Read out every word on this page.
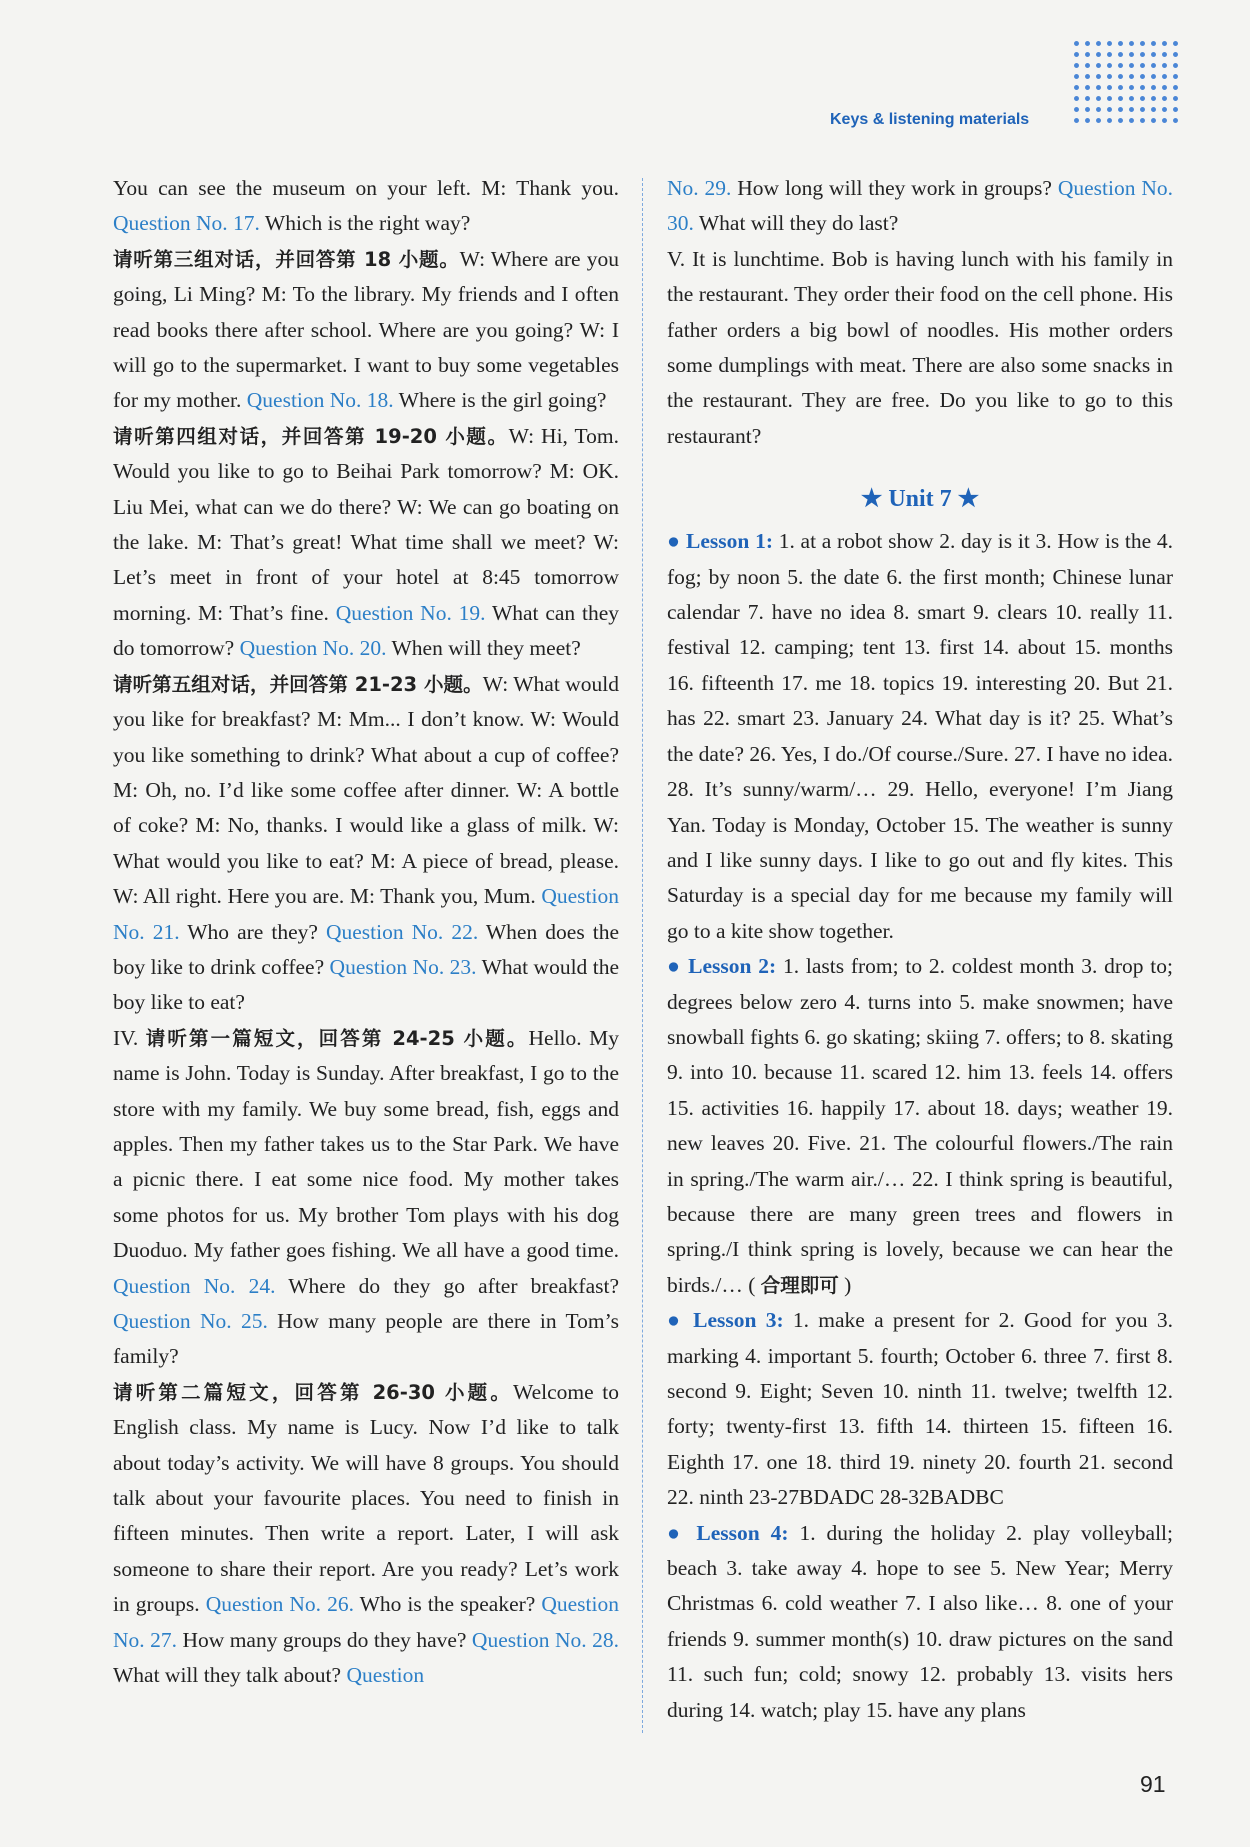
Keys & listening materials

You can see the museum on your left. M: Thank you. Question No. 17. Which is the right way?

请听第三组对话，并回答第 18 小题。W: Where are you going, Li Ming? M: To the library. My friends and I often read books there after school. Where are you going? W: I will go to the supermarket. I want to buy some vegetables for my mother. Question No. 18. Where is the girl going?

请听第四组对话，并回答第 19-20 小题。W: Hi, Tom. Would you like to go to Beihai Park tomorrow? M: OK. Liu Mei, what can we do there? W: We can go boating on the lake. M: That’s great! What time shall we meet? W: Let’s meet in front of your hotel at 8:45 tomorrow morning. M: That’s fine. Question No. 19. What can they do tomorrow? Question No. 20. When will they meet?

请听第五组对话，并回答第 21-23 小题。W: What would you like for breakfast? M: Mm... I don’t know. W: Would you like something to drink? What about a cup of coffee? M: Oh, no. I’d like some coffee after dinner. W: A bottle of coke? M: No, thanks. I would like a glass of milk. W: What would you like to eat? M: A piece of bread, please. W: All right. Here you are. M: Thank you, Mum. Question No. 21. Who are they? Question No. 22. When does the boy like to drink coffee? Question No. 23. What would the boy like to eat?

IV. 请听第一篇短文，回答第 24-25 小题。Hello. My name is John. Today is Sunday. After breakfast, I go to the store with my family. We buy some bread, fish, eggs and apples. Then my father takes us to the Star Park. We have a picnic there. I eat some nice food. My mother takes some photos for us. My brother Tom plays with his dog Duoduo. My father goes fishing. We all have a good time. Question No. 24. Where do they go after breakfast? Question No. 25. How many people are there in Tom’s family?

请听第二篇短文，回答第 26-30 小题。Welcome to English class. My name is Lucy. Now I’d like to talk about today’s activity. We will have 8 groups. You should talk about your favourite places. You need to finish in fifteen minutes. Then write a report. Later, I will ask someone to share their report. Are you ready? Let’s work in groups. Question No. 26. Who is the speaker? Question No. 27. How many groups do they have? Question No. 28. What will they talk about? Question

No. 29. How long will they work in groups? Question No. 30. What will they do last?

V. It is lunchtime. Bob is having lunch with his family in the restaurant. They order their food on the cell phone. His father orders a big bowl of noodles. His mother orders some dumplings with meat. There are also some snacks in the restaurant. They are free. Do you like to go to this restaurant?

★ Unit 7 ★

● Lesson 1: 1. at a robot show 2. day is it 3. How is the 4. fog; by noon 5. the date 6. the first month; Chinese lunar calendar 7. have no idea 8. smart 9. clears 10. really 11. festival 12. camping; tent 13. first 14. about 15. months 16. fifteenth 17. me 18. topics 19. interesting 20. But 21. has 22. smart 23. January 24. What day is it? 25. What’s the date? 26. Yes, I do./Of course./Sure. 27. I have no idea. 28. It’s sunny/warm/… 29. Hello, everyone! I’m Jiang Yan. Today is Monday, October 15. The weather is sunny and I like sunny days. I like to go out and fly kites. This Saturday is a special day for me because my family will go to a kite show together.

● Lesson 2: 1. lasts from; to 2. coldest month 3. drop to; degrees below zero 4. turns into 5. make snowmen; have snowball fights 6. go skating; skiing 7. offers; to 8. skating 9. into 10. because 11. scared 12. him 13. feels 14. offers 15. activities 16. happily 17. about 18. days; weather 19. new leaves 20. Five. 21. The colourful flowers./The rain in spring./The warm air./… 22. I think spring is beautiful, because there are many green trees and flowers in spring./I think spring is lovely, because we can hear the birds./… ( 合理即可 )

● Lesson 3: 1. make a present for 2. Good for you 3. marking 4. important 5. fourth; October 6. three 7. first 8. second 9. Eight; Seven 10. ninth 11. twelve; twelfth 12. forty; twenty-first 13. fifth 14. thirteen 15. fifteen 16. Eighth 17. one 18. third 19. ninety 20. fourth 21. second 22. ninth 23-27BDADC 28-32BADBC

● Lesson 4: 1. during the holiday 2. play volleyball; beach 3. take away 4. hope to see 5. New Year; Merry Christmas 6. cold weather 7. I also like… 8. one of your friends 9. summer month(s) 10. draw pictures on the sand 11. such fun; cold; snowy 12. probably 13. visits hers during 14. watch; play 15. have any plans

91
